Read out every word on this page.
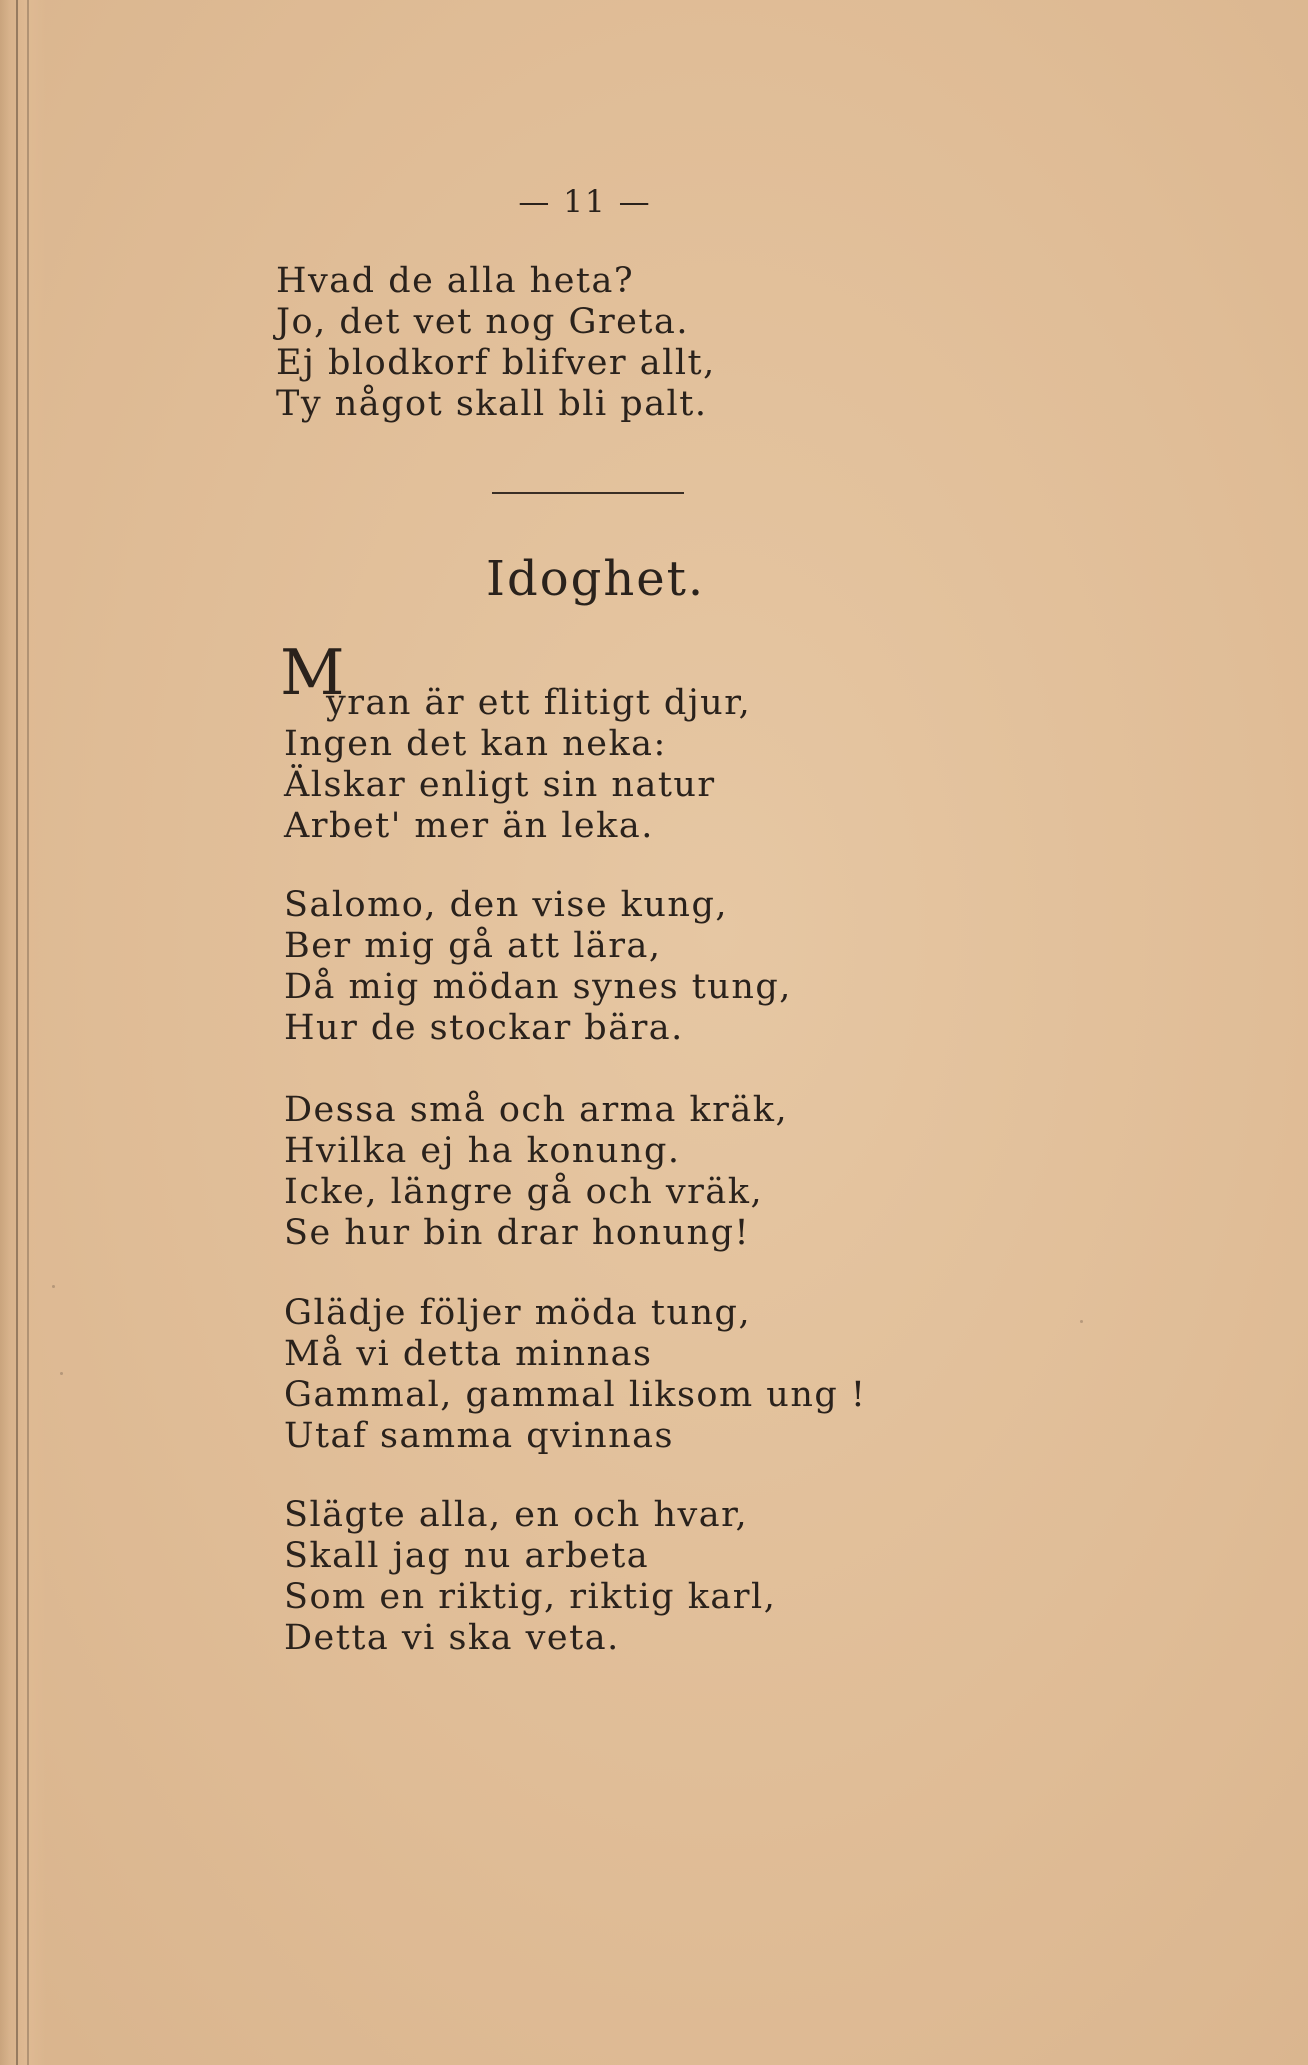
— 11 —
Hvad de alla heta?
Jo, det vet nog Greta.
Ej blodkorf blifver allt,
Ty något skall bli palt.
Idoghet.
M
yran är ett flitigt djur,
Ingen det kan neka:
Älskar enligt sin natur
Arbet' mer än leka.
Salomo, den vise kung,
Ber mig gå att lära,
Då mig mödan synes tung,
Hur de stockar bära.
Dessa små och arma kräk,
Hvilka ej ha konung.
Icke, längre gå och vräk,
Se hur bin drar honung!
Glädje följer möda tung,
Må vi detta minnas
Gammal, gammal liksom ung !
Utaf samma qvinnas
Slägte alla, en och hvar,
Skall jag nu arbeta
Som en riktig, riktig karl,
Detta vi ska veta.
